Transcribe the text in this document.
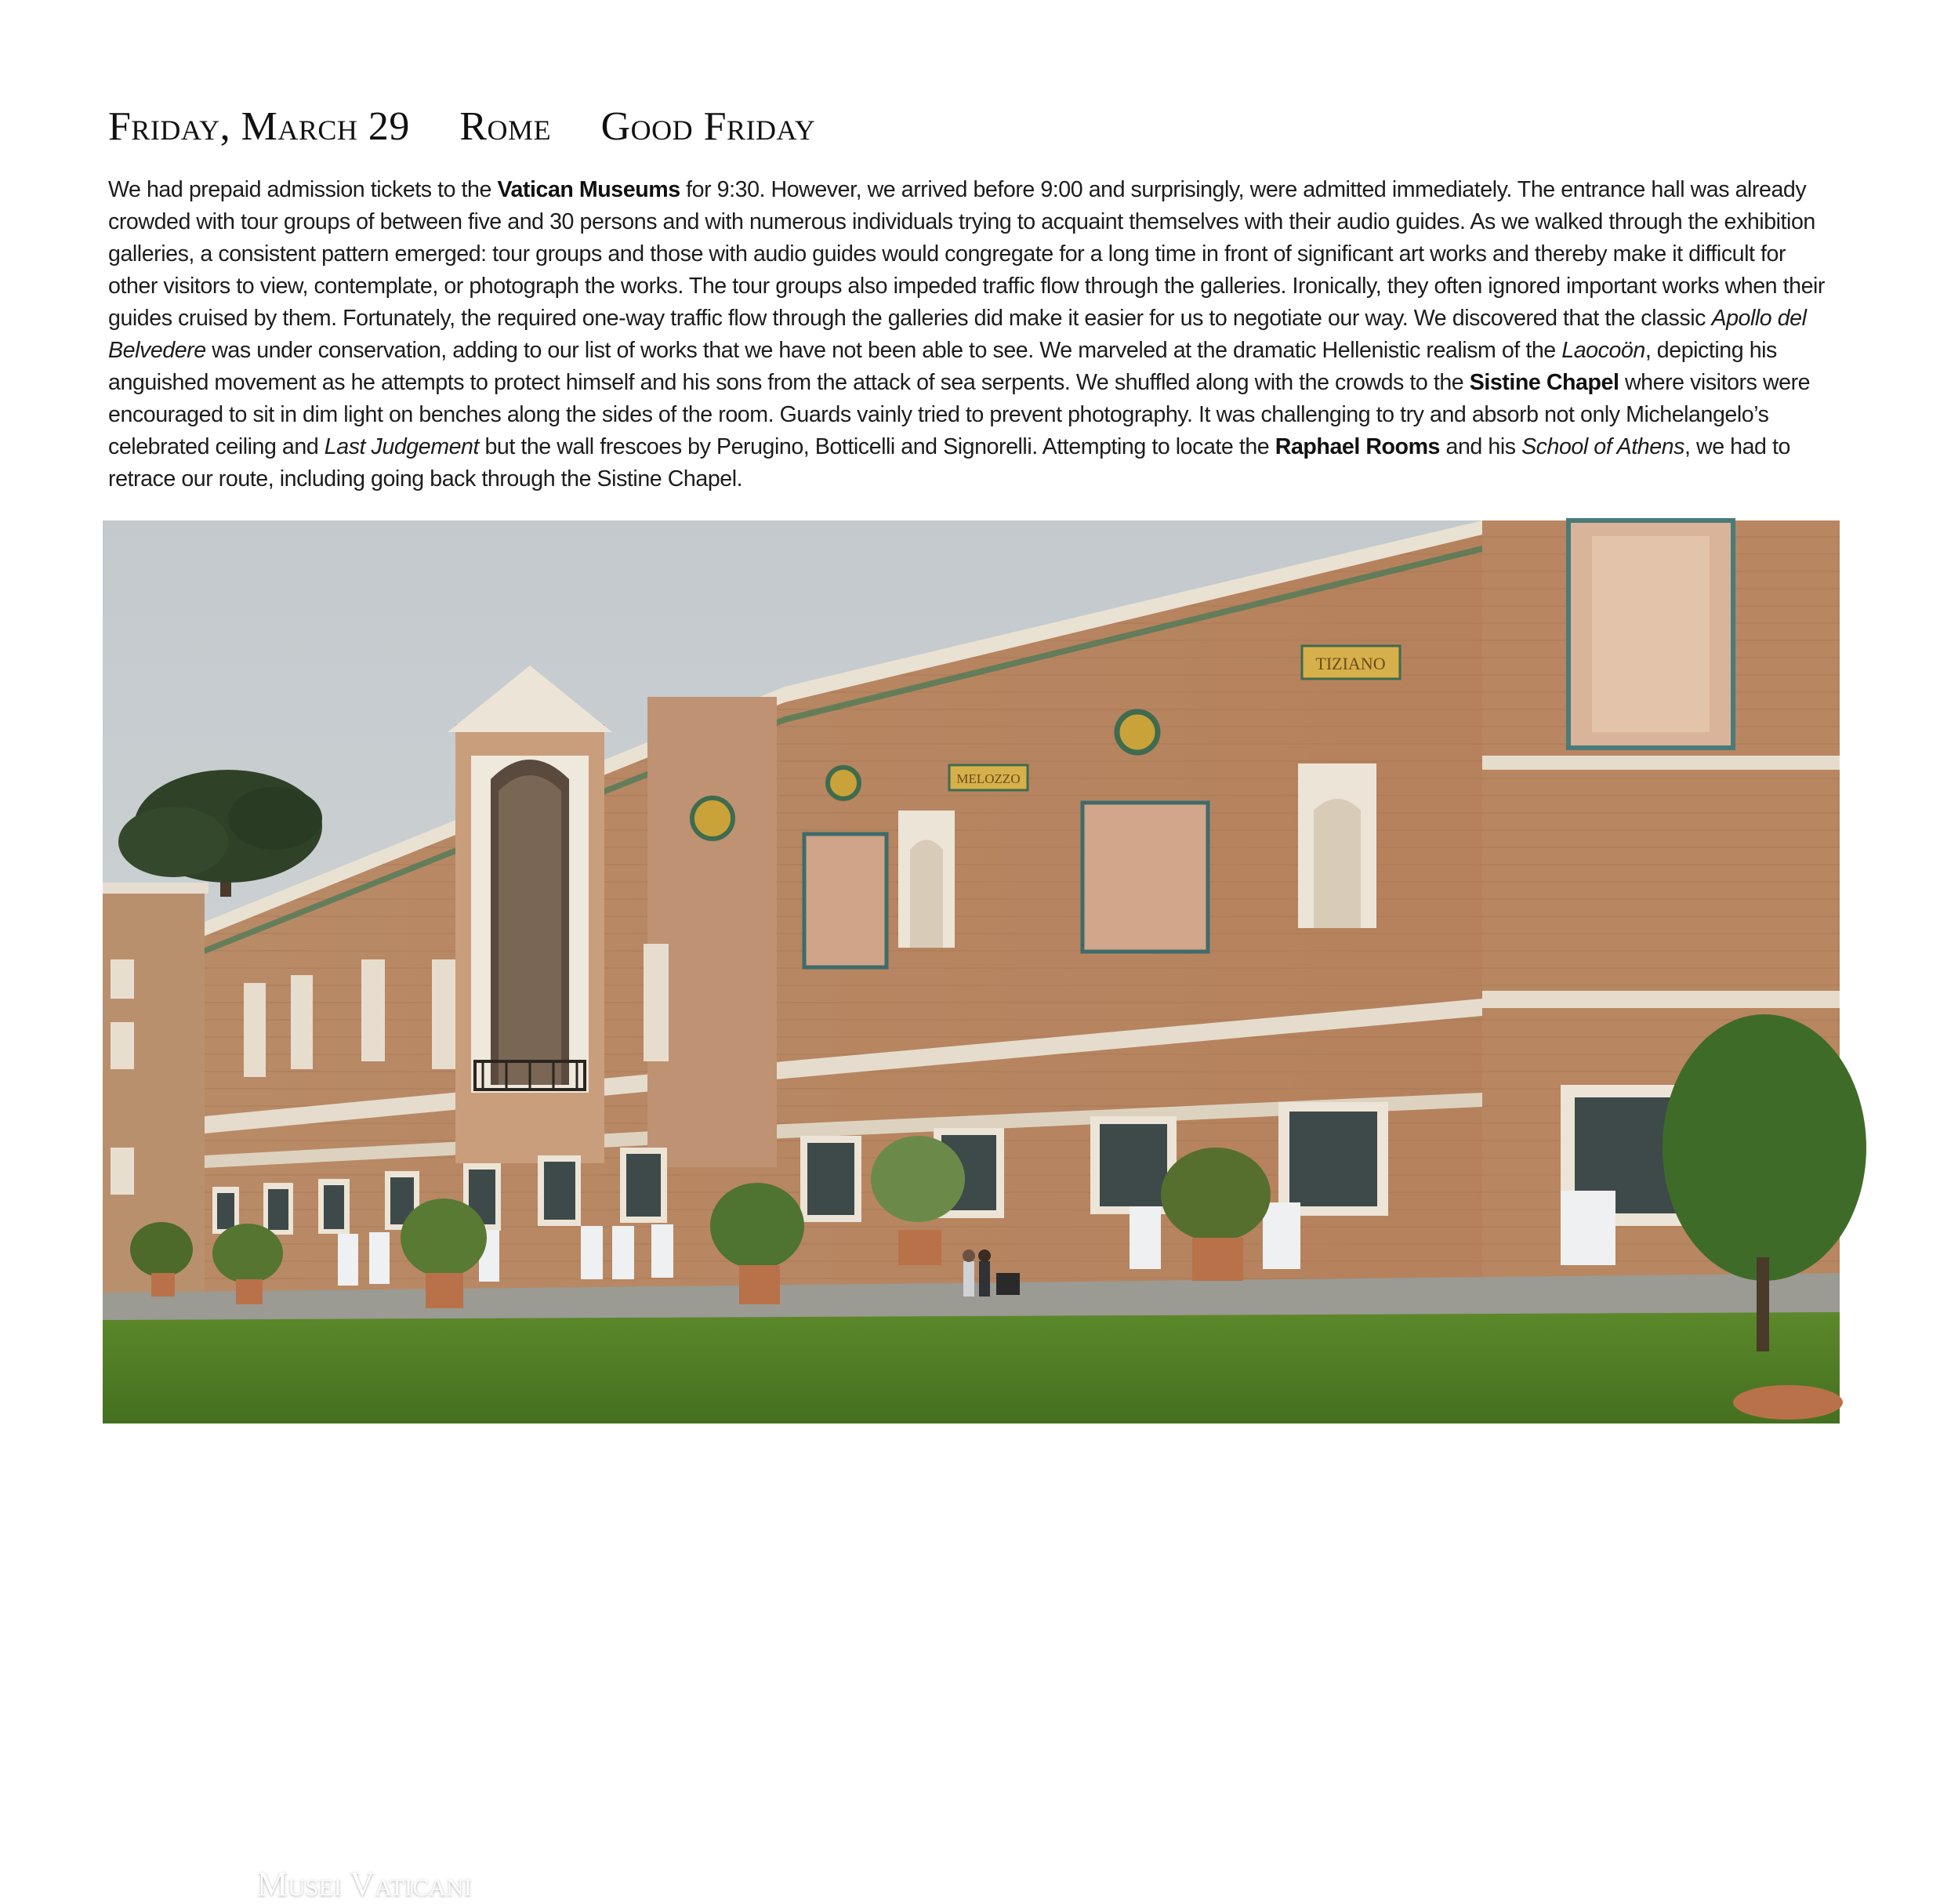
Friday, March 29 Rome Good Friday
We had prepaid admission tickets to the Vatican Museums for 9:30. However, we arrived before 9:00 and surprisingly, were admitted immediately. The entrance hall was already crowded with tour groups of between five and 30 persons and with numerous individuals trying to acquaint themselves with their audio guides. As we walked through the exhibition galleries, a consistent pattern emerged: tour groups and those with audio guides would congregate for a long time in front of significant art works and thereby make it difficult for other visitors to view, contemplate, or photograph the works. The tour groups also impeded traffic flow through the galleries. Ironically, they often ignored important works when their guides cruised by them. Fortunately, the required one-way traffic flow through the galleries did make it easier for us to negotiate our way. We discovered that the classic Apollo del Belvedere was under conservation, adding to our list of works that we have not been able to see. We marveled at the dramatic Hellenistic realism of the Laocoön, depicting his anguished movement as he attempts to protect himself and his sons from the attack of sea serpents. We shuffled along with the crowds to the Sistine Chapel where visitors were encouraged to sit in dim light on benches along the sides of the room. Guards vainly tried to prevent photography. It was challenging to try and absorb not only Michelangelo’s celebrated ceiling and Last Judgement but the wall frescoes by Perugino, Botticelli and Signorelli. Attempting to locate the Raphael Rooms and his School of Athens, we had to retrace our route, including going back through the Sistine Chapel.
TIZIANO
MELOZZO
Musei Vaticani
